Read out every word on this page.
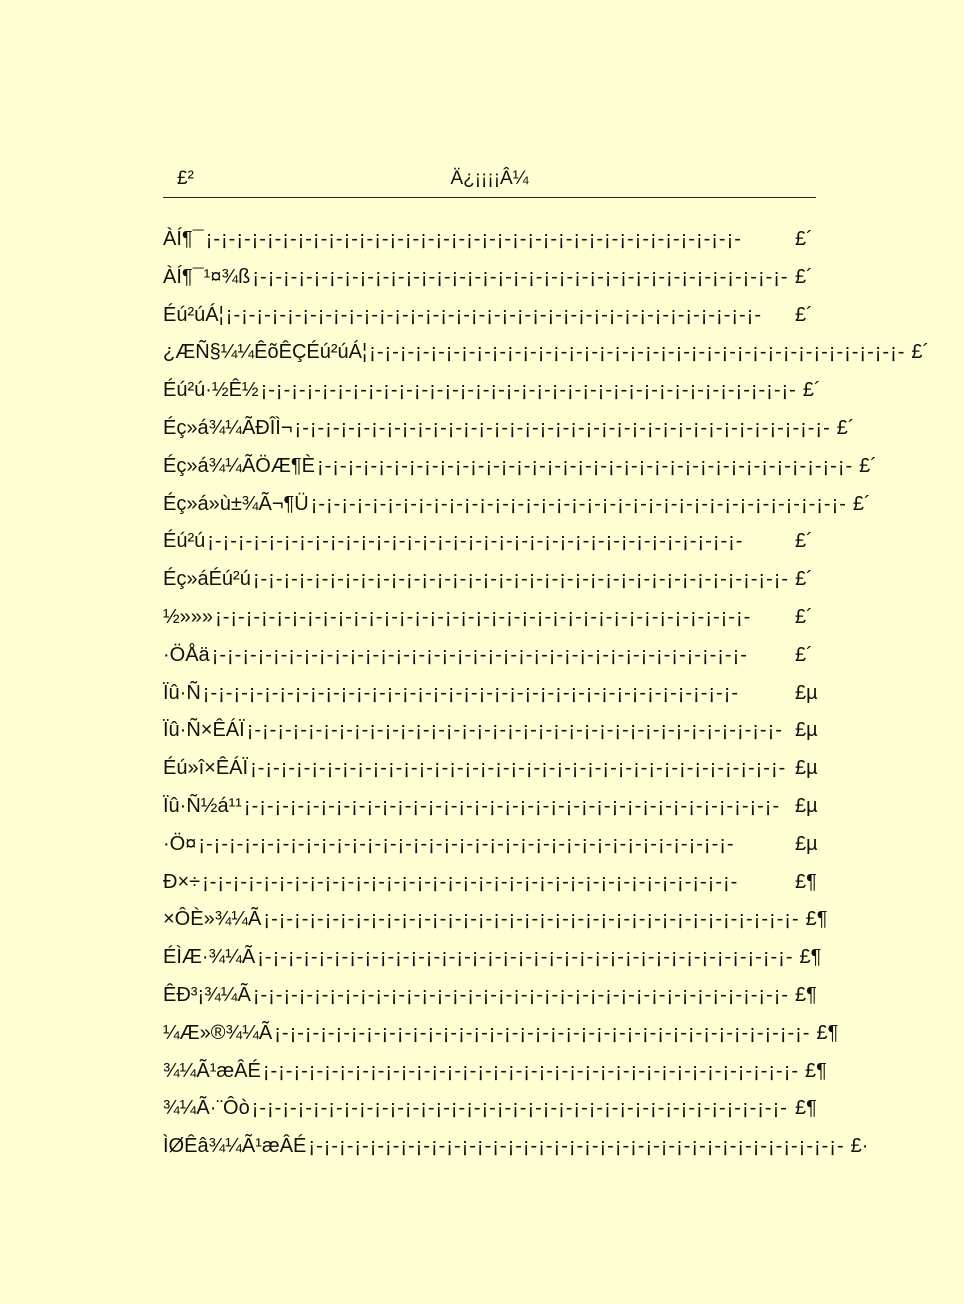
£²	Ä¿¡¡¡¡Â¼
ÀÍ¶¯ ¡-¡-¡-¡-¡-¡-¡-¡-¡-¡-¡-¡-¡-¡-¡-¡-¡-¡-¡-¡-¡-¡-¡-¡-¡-¡-¡-¡-¡-¡-¡-¡-¡-¡-¡-	£´
ÀÍ¶¯¹¤¾ß ¡-¡-¡-¡-¡-¡-¡-¡-¡-¡-¡-¡-¡-¡-¡-¡-¡-¡-¡-¡-¡-¡-¡-¡-¡-¡-¡-¡-¡-¡-¡-¡-¡-¡-¡- £´
Éú²úÁ¦ ¡-¡-¡-¡-¡-¡-¡-¡-¡-¡-¡-¡-¡-¡-¡-¡-¡-¡-¡-¡-¡-¡-¡-¡-¡-¡-¡-¡-¡-¡-¡-¡-¡-¡-¡-	£´
¿ÆÑ§¼¼ÊõÊÇÉú²úÁ¦ ¡-¡-¡-¡-¡-¡-¡-¡-¡-¡-¡-¡-¡-¡-¡-¡-¡-¡-¡-¡-¡-¡-¡-¡-¡-¡-¡-¡-¡-¡-¡-¡-¡-¡-¡- £´
Éú²ú·½Ê½ ¡-¡-¡-¡-¡-¡-¡-¡-¡-¡-¡-¡-¡-¡-¡-¡-¡-¡-¡-¡-¡-¡-¡-¡-¡-¡-¡-¡-¡-¡-¡-¡-¡-¡-¡- £´
Éç»á¾¼ÃÐÎÌ¬ ¡-¡-¡-¡-¡-¡-¡-¡-¡-¡-¡-¡-¡-¡-¡-¡-¡-¡-¡-¡-¡-¡-¡-¡-¡-¡-¡-¡-¡-¡-¡-¡-¡-¡-¡- £´
Éç»á¾¼ÃÖÆ¶È ¡-¡-¡-¡-¡-¡-¡-¡-¡-¡-¡-¡-¡-¡-¡-¡-¡-¡-¡-¡-¡-¡-¡-¡-¡-¡-¡-¡-¡-¡-¡-¡-¡-¡-¡- £´
Éç»á»ù±¾Ã¬¶Ü ¡-¡-¡-¡-¡-¡-¡-¡-¡-¡-¡-¡-¡-¡-¡-¡-¡-¡-¡-¡-¡-¡-¡-¡-¡-¡-¡-¡-¡-¡-¡-¡-¡-¡-¡- £´
Éú²ú ¡-¡-¡-¡-¡-¡-¡-¡-¡-¡-¡-¡-¡-¡-¡-¡-¡-¡-¡-¡-¡-¡-¡-¡-¡-¡-¡-¡-¡-¡-¡-¡-¡-¡-¡-	£´
Éç»áÉú²ú ¡-¡-¡-¡-¡-¡-¡-¡-¡-¡-¡-¡-¡-¡-¡-¡-¡-¡-¡-¡-¡-¡-¡-¡-¡-¡-¡-¡-¡-¡-¡-¡-¡-¡-¡- £´
½»»» ¡-¡-¡-¡-¡-¡-¡-¡-¡-¡-¡-¡-¡-¡-¡-¡-¡-¡-¡-¡-¡-¡-¡-¡-¡-¡-¡-¡-¡-¡-¡-¡-¡-¡-¡-	£´
·ÖÅä ¡-¡-¡-¡-¡-¡-¡-¡-¡-¡-¡-¡-¡-¡-¡-¡-¡-¡-¡-¡-¡-¡-¡-¡-¡-¡-¡-¡-¡-¡-¡-¡-¡-¡-¡-	£´
Ïû·Ñ ¡-¡-¡-¡-¡-¡-¡-¡-¡-¡-¡-¡-¡-¡-¡-¡-¡-¡-¡-¡-¡-¡-¡-¡-¡-¡-¡-¡-¡-¡-¡-¡-¡-¡-¡-	£µ
Ïû·Ñ×ÊÁÏ ¡-¡-¡-¡-¡-¡-¡-¡-¡-¡-¡-¡-¡-¡-¡-¡-¡-¡-¡-¡-¡-¡-¡-¡-¡-¡-¡-¡-¡-¡-¡-¡-¡-¡-¡- £µ
Éú»î×ÊÁÏ ¡-¡-¡-¡-¡-¡-¡-¡-¡-¡-¡-¡-¡-¡-¡-¡-¡-¡-¡-¡-¡-¡-¡-¡-¡-¡-¡-¡-¡-¡-¡-¡-¡-¡-¡- £µ
Ïû·Ñ½á¹¹ ¡-¡-¡-¡-¡-¡-¡-¡-¡-¡-¡-¡-¡-¡-¡-¡-¡-¡-¡-¡-¡-¡-¡-¡-¡-¡-¡-¡-¡-¡-¡-¡-¡-¡-¡- £µ
·Ö¤ ¡-¡-¡-¡-¡-¡-¡-¡-¡-¡-¡-¡-¡-¡-¡-¡-¡-¡-¡-¡-¡-¡-¡-¡-¡-¡-¡-¡-¡-¡-¡-¡-¡-¡-¡-	£µ
Ð×÷ ¡-¡-¡-¡-¡-¡-¡-¡-¡-¡-¡-¡-¡-¡-¡-¡-¡-¡-¡-¡-¡-¡-¡-¡-¡-¡-¡-¡-¡-¡-¡-¡-¡-¡-¡-	£¶
×ÔÈ»¾¼Ã ¡-¡-¡-¡-¡-¡-¡-¡-¡-¡-¡-¡-¡-¡-¡-¡-¡-¡-¡-¡-¡-¡-¡-¡-¡-¡-¡-¡-¡-¡-¡-¡-¡-¡-¡- £¶
ÉÌÆ·¾¼Ã ¡-¡-¡-¡-¡-¡-¡-¡-¡-¡-¡-¡-¡-¡-¡-¡-¡-¡-¡-¡-¡-¡-¡-¡-¡-¡-¡-¡-¡-¡-¡-¡-¡-¡-¡- £¶
ÊÐ³¡¾¼Ã ¡-¡-¡-¡-¡-¡-¡-¡-¡-¡-¡-¡-¡-¡-¡-¡-¡-¡-¡-¡-¡-¡-¡-¡-¡-¡-¡-¡-¡-¡-¡-¡-¡-¡-¡- £¶
¼Æ»®¾¼Ã ¡-¡-¡-¡-¡-¡-¡-¡-¡-¡-¡-¡-¡-¡-¡-¡-¡-¡-¡-¡-¡-¡-¡-¡-¡-¡-¡-¡-¡-¡-¡-¡-¡-¡-¡- £¶
¾¼Ã¹æÂÉ ¡-¡-¡-¡-¡-¡-¡-¡-¡-¡-¡-¡-¡-¡-¡-¡-¡-¡-¡-¡-¡-¡-¡-¡-¡-¡-¡-¡-¡-¡-¡-¡-¡-¡-¡- £¶
¾¼Ã·¨Ôò ¡-¡-¡-¡-¡-¡-¡-¡-¡-¡-¡-¡-¡-¡-¡-¡-¡-¡-¡-¡-¡-¡-¡-¡-¡-¡-¡-¡-¡-¡-¡-¡-¡-¡-¡- £¶
ÌØÊâ¾¼Ã¹æÂÉ ¡-¡-¡-¡-¡-¡-¡-¡-¡-¡-¡-¡-¡-¡-¡-¡-¡-¡-¡-¡-¡-¡-¡-¡-¡-¡-¡-¡-¡-¡-¡-¡-¡-¡-¡- £·
